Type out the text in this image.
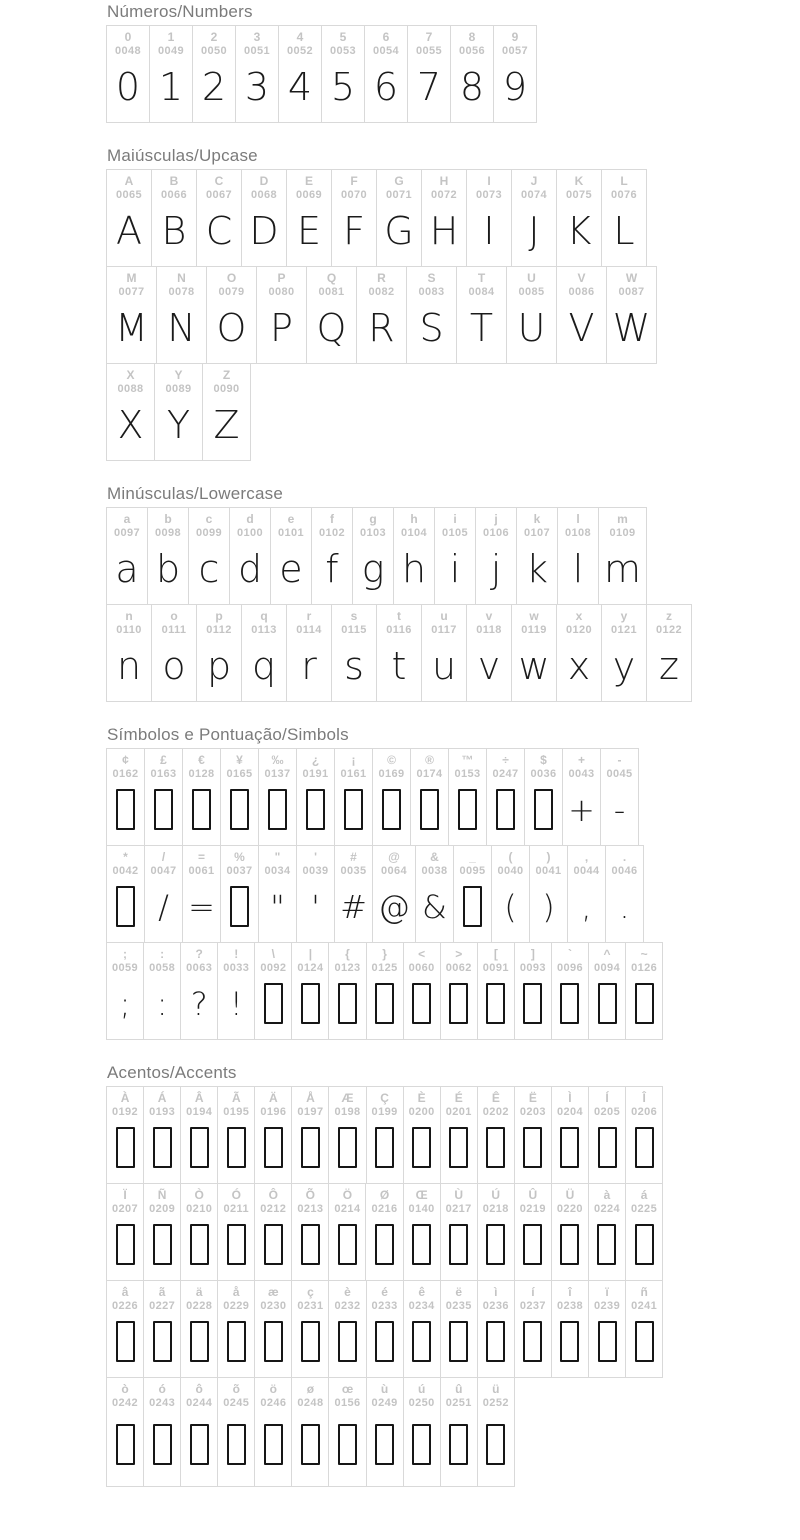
Números/Numbers
0
0048
0
1
0049
1
2
0050
2
3
0051
3
4
0052
4
5
0053
5
6
0054
6
7
0055
7
8
0056
8
9
0057
9
Maiúsculas/Upcase
A
0065
A
B
0066
B
C
0067
C
D
0068
D
E
0069
E
F
0070
F
G
0071
G
H
0072
H
I
0073
I
J
0074
J
K
0075
K
L
0076
L
M
0077
M
N
0078
N
O
0079
O
P
0080
P
Q
0081
Q
R
0082
R
S
0083
S
T
0084
T
U
0085
U
V
0086
V
W
0087
W
X
0088
X
Y
0089
Y
Z
0090
Z
Minúsculas/Lowercase
a
0097
a
b
0098
b
c
0099
c
d
0100
d
e
0101
e
f
0102
f
g
0103
g
h
0104
h
i
0105
i
j
0106
j
k
0107
k
l
0108
l
m
0109
m
n
0110
n
o
0111
o
p
0112
p
q
0113
q
r
0114
r
s
0115
s
t
0116
t
u
0117
u
v
0118
v
w
0119
w
x
0120
x
y
0121
y
z
0122
z
Símbolos e Pontuação/Simbols
¢
0162
£
0163
€
0128
¥
0165
‰
0137
¿
0191
¡
0161
©
0169
®
0174
™
0153
÷
0247
$
0036
+
0043
+
-
0045
-
*
0042
/
0047
/
=
0061
=
%
0037
"
0034
"
'
0039
'
#
0035
#
@
0064
@
&
0038
&
_
0095
(
0040
(
)
0041
)
,
0044
,
.
0046
.
;
0059
;
:
0058
:
?
0063
?
!
0033
!
\
0092
|
0124
{
0123
}
0125
<
0060
>
0062
[
0091
]
0093
`
0096
^
0094
~
0126
Acentos/Accents
À
0192
Á
0193
Â
0194
Ã
0195
Ä
0196
Å
0197
Æ
0198
Ç
0199
È
0200
É
0201
Ê
0202
Ë
0203
Ì
0204
Í
0205
Î
0206
Ï
0207
Ñ
0209
Ò
0210
Ó
0211
Ô
0212
Õ
0213
Ö
0214
Ø
0216
Œ
0140
Ù
0217
Ú
0218
Û
0219
Ü
0220
à
0224
á
0225
â
0226
ã
0227
ä
0228
å
0229
æ
0230
ç
0231
è
0232
é
0233
ê
0234
ë
0235
ì
0236
í
0237
î
0238
ï
0239
ñ
0241
ò
0242
ó
0243
ô
0244
õ
0245
ö
0246
ø
0248
œ
0156
ù
0249
ú
0250
û
0251
ü
0252
